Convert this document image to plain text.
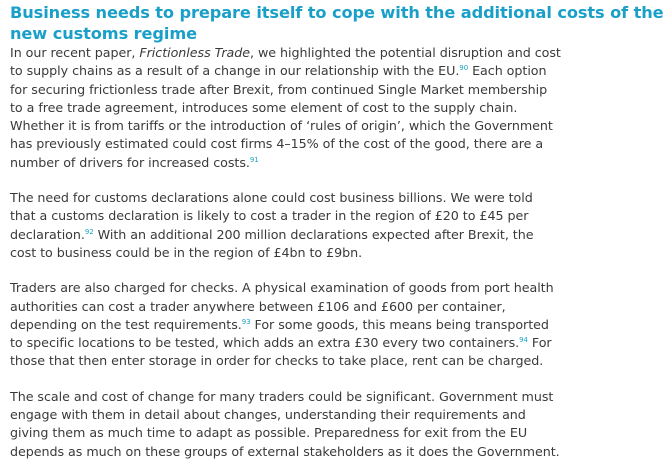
Business needs to prepare itself to cope with the additional costs of the
new customs regime

In our recent paper, Frictionless Trade, we highlighted the potential disruption and cost
to supply chains as a result of a change in our relationship with the EU.$^{90}$ Each option
for securing frictionless trade after Brexit, from continued Single Market membership
to a free trade agreement, introduces some element of cost to the supply chain.
Whether it is from tariffs or the introduction of ‘rules of origin’, which the Government
has previously estimated could cost firms 4–15% of the cost of the good, there are a
number of drivers for increased costs.$^{91}$

The need for customs declarations alone could cost business billions. We were told
that a customs declaration is likely to cost a trader in the region of £20 to £45 per
declaration.$^{92}$ With an additional 200 million declarations expected after Brexit, the
cost to business could be in the region of £4bn to £9bn.

Traders are also charged for checks. A physical examination of goods from port health
authorities can cost a trader anywhere between £106 and £600 per container,
depending on the test requirements.$^{93}$ For some goods, this means being transported
to specific locations to be tested, which adds an extra £30 every two containers.$^{94}$ For
those that then enter storage in order for checks to take place, rent can be charged.

The scale and cost of change for many traders could be significant. Government must
engage with them in detail about changes, understanding their requirements and
giving them as much time to adapt as possible. Preparedness for exit from the EU
depends as much on these groups of external stakeholders as it does the Government.
